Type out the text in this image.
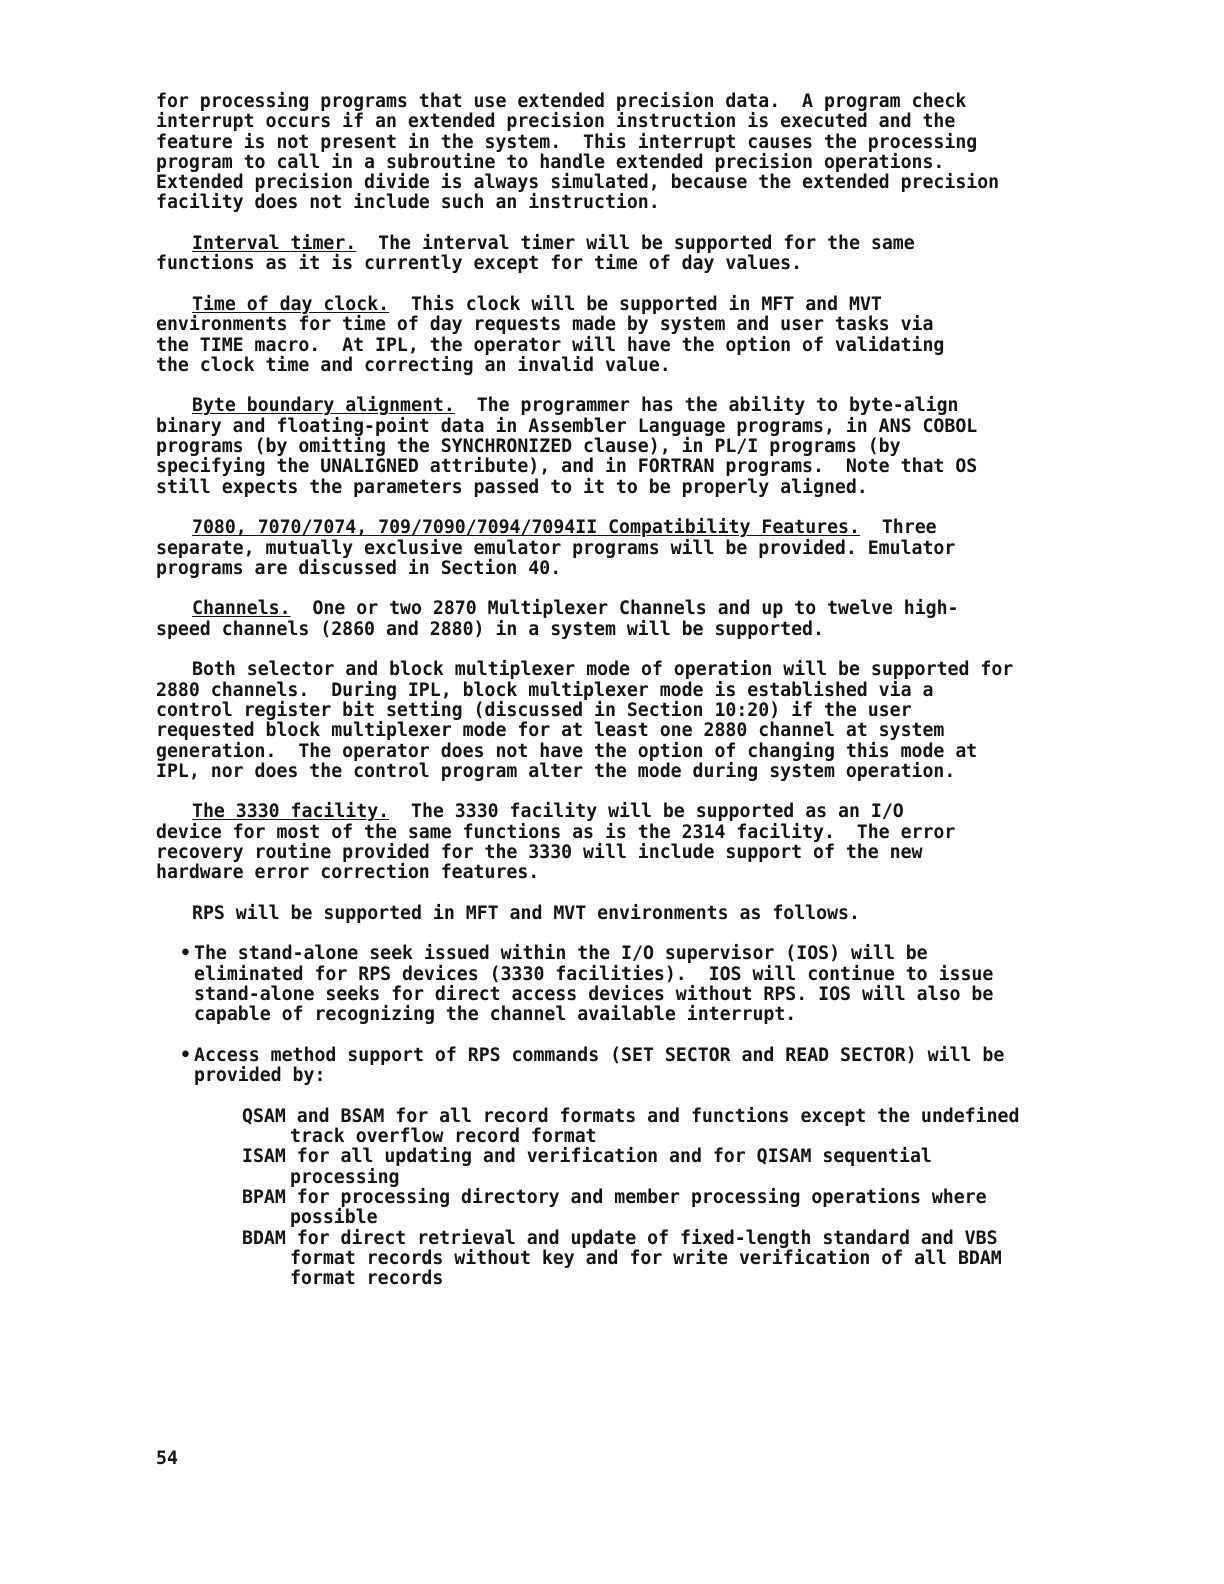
for processing programs that use extended precision data.  A program check interrupt occurs if an extended precision instruction is executed and the feature is not present in the system.  This interrupt causes the processing program to call in a subroutine to handle extended precision operations.  Extended precision divide is always simulated, because the extended precision facility does not include such an instruction.

Interval timer.  The interval timer will be supported for the same functions as it is currently except for time of day values.

Time of day clock.  This clock will be supported in MFT and MVT environments for time of day requests made by system and user tasks via the TIME macro.  At IPL, the operator will have the option of validating the clock time and correcting an invalid value.

Byte boundary alignment.  The programmer has the ability to byte-align binary and floating-point data in Assembler Language programs, in ANS COBOL programs (by omitting the SYNCHRONIZED clause), in PL/I programs (by specifying the UNALIGNED attribute), and in FORTRAN programs.  Note that OS still expects the parameters passed to it to be properly aligned.

7080, 7070/7074, 709/7090/7094/7094II Compatibility Features.  Three separate, mutually exclusive emulator programs will be provided. Emulator programs are discussed in Section 40.

Channels.  One or two 2870 Multiplexer Channels and up to twelve high-speed channels (2860 and 2880) in a system will be supported.

Both selector and block multiplexer mode of operation will be supported for 2880 channels.  During IPL, block multiplexer mode is established via a control register bit setting (discussed in Section 10:20) if the user requested block multiplexer mode for at least one 2880 channel at system generation.  The operator does not have the option of changing this mode at IPL, nor does the control program alter the mode during system operation.

The 3330 facility.  The 3330 facility will be supported as an I/O device for most of the same functions as is the 2314 facility.  The error recovery routine provided for the 3330 will include support of the new hardware error correction features.

RPS will be supported in MFT and MVT environments as follows.

• The stand-alone seek issued within the I/O supervisor (IOS) will be eliminated for RPS devices (3330 facilities).  IOS will continue to issue stand-alone seeks for direct access devices without RPS. IOS will also be capable of recognizing the channel available interrupt.
• Access method support of RPS commands (SET SECTOR and READ SECTOR) will be provided by:
QSAM and BSAM for all record formats and functions except the undefined track overflow record format
ISAM for all updating and verification and for QISAM sequential processing
BPAM for processing directory and member processing operations where possible
BDAM for direct retrieval and update of fixed-length standard and VBS format records without key and for write verification of all BDAM format records
54
